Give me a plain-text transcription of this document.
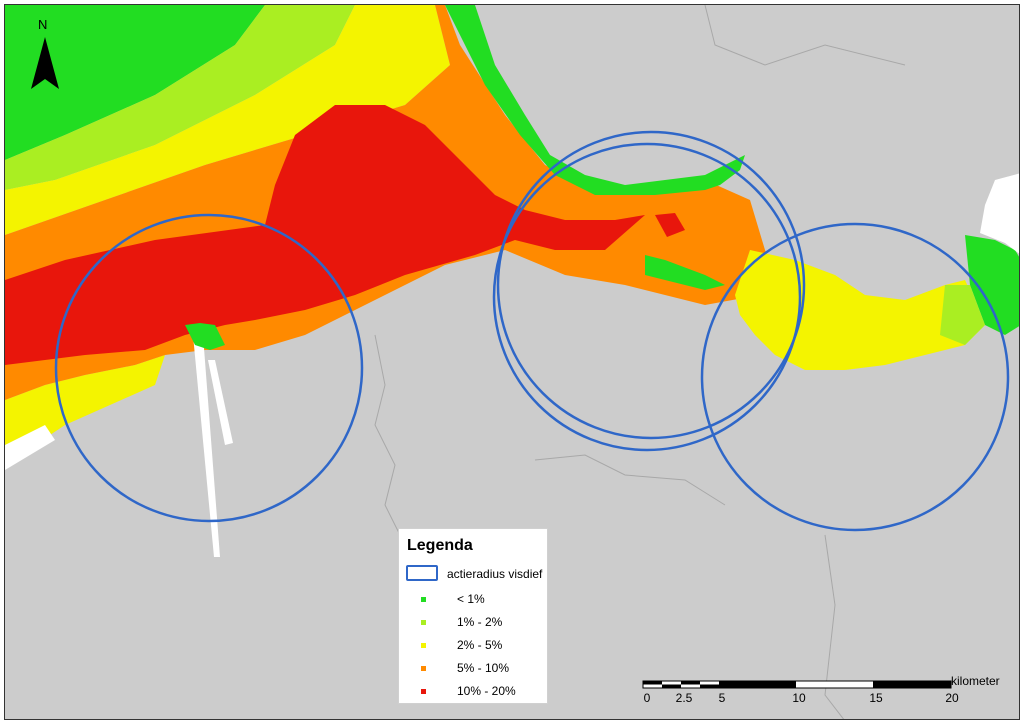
N
Legenda
actieradius visdief
< 1%
1% - 2%
2% - 5%
5% - 10%
10% - 20%	0 2.5 5	10	15	20
kilometer
